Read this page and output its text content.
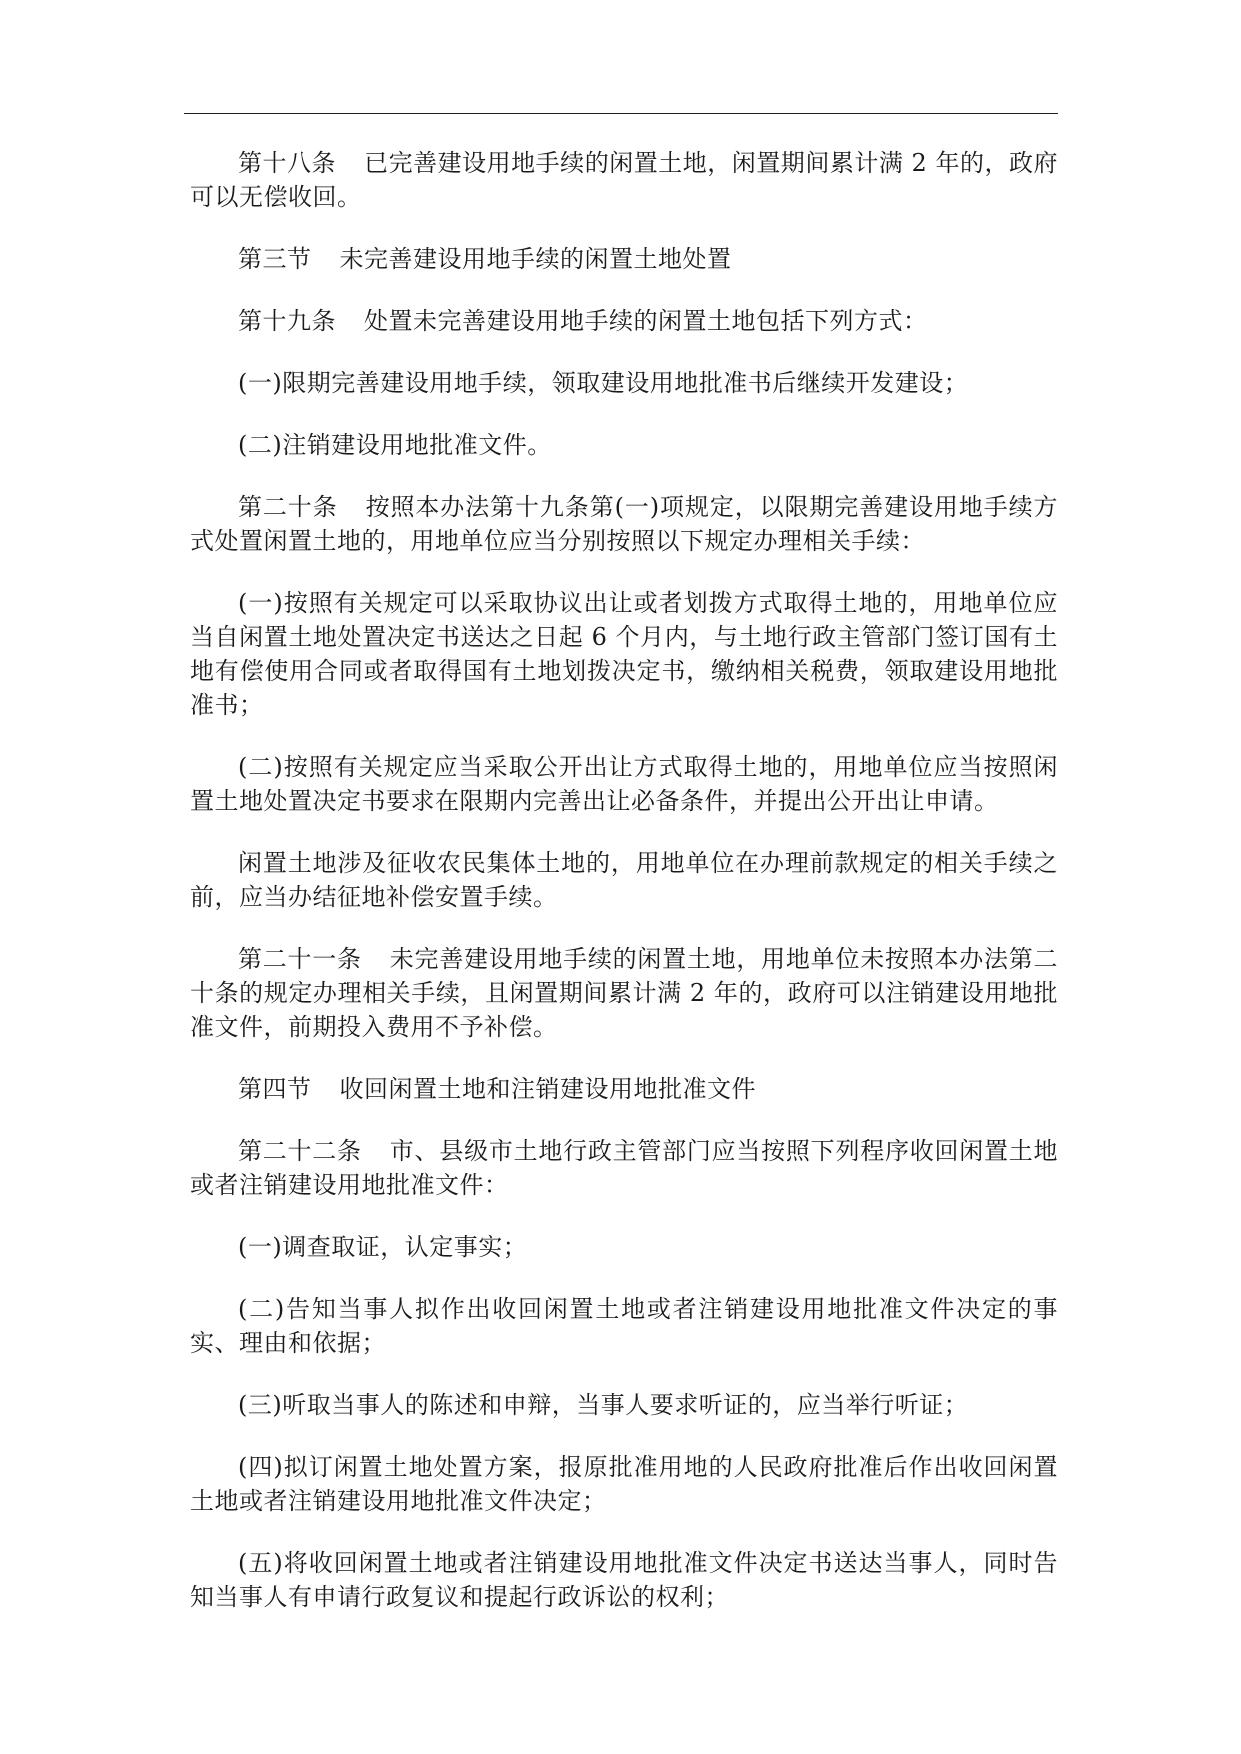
第十八条 已完善建设用地手续的闲置土地，闲置期间累计满 2 年的，政府可以无偿收回。

第三节 未完善建设用地手续的闲置土地处置

第十九条 处置未完善建设用地手续的闲置土地包括下列方式：

(一)限期完善建设用地手续，领取建设用地批准书后继续开发建设；

(二)注销建设用地批准文件。

第二十条 按照本办法第十九条第(一)项规定，以限期完善建设用地手续方式处置闲置土地的，用地单位应当分别按照以下规定办理相关手续：

(一)按照有关规定可以采取协议出让或者划拨方式取得土地的，用地单位应当自闲置土地处置决定书送达之日起 6 个月内，与土地行政主管部门签订国有土地有偿使用合同或者取得国有土地划拨决定书，缴纳相关税费，领取建设用地批准书；

(二)按照有关规定应当采取公开出让方式取得土地的，用地单位应当按照闲置土地处置决定书要求在限期内完善出让必备条件，并提出公开出让申请。

闲置土地涉及征收农民集体土地的，用地单位在办理前款规定的相关手续之前，应当办结征地补偿安置手续。

第二十一条 未完善建设用地手续的闲置土地，用地单位未按照本办法第二十条的规定办理相关手续，且闲置期间累计满 2 年的，政府可以注销建设用地批准文件，前期投入费用不予补偿。

第四节 收回闲置土地和注销建设用地批准文件

第二十二条 市、县级市土地行政主管部门应当按照下列程序收回闲置土地或者注销建设用地批准文件：

(一)调查取证，认定事实；

(二)告知当事人拟作出收回闲置土地或者注销建设用地批准文件决定的事实、理由和依据；

(三)听取当事人的陈述和申辩，当事人要求听证的，应当举行听证；

(四)拟订闲置土地处置方案，报原批准用地的人民政府批准后作出收回闲置土地或者注销建设用地批准文件决定；

(五)将收回闲置土地或者注销建设用地批准文件决定书送达当事人，同时告知当事人有申请行政复议和提起行政诉讼的权利；
